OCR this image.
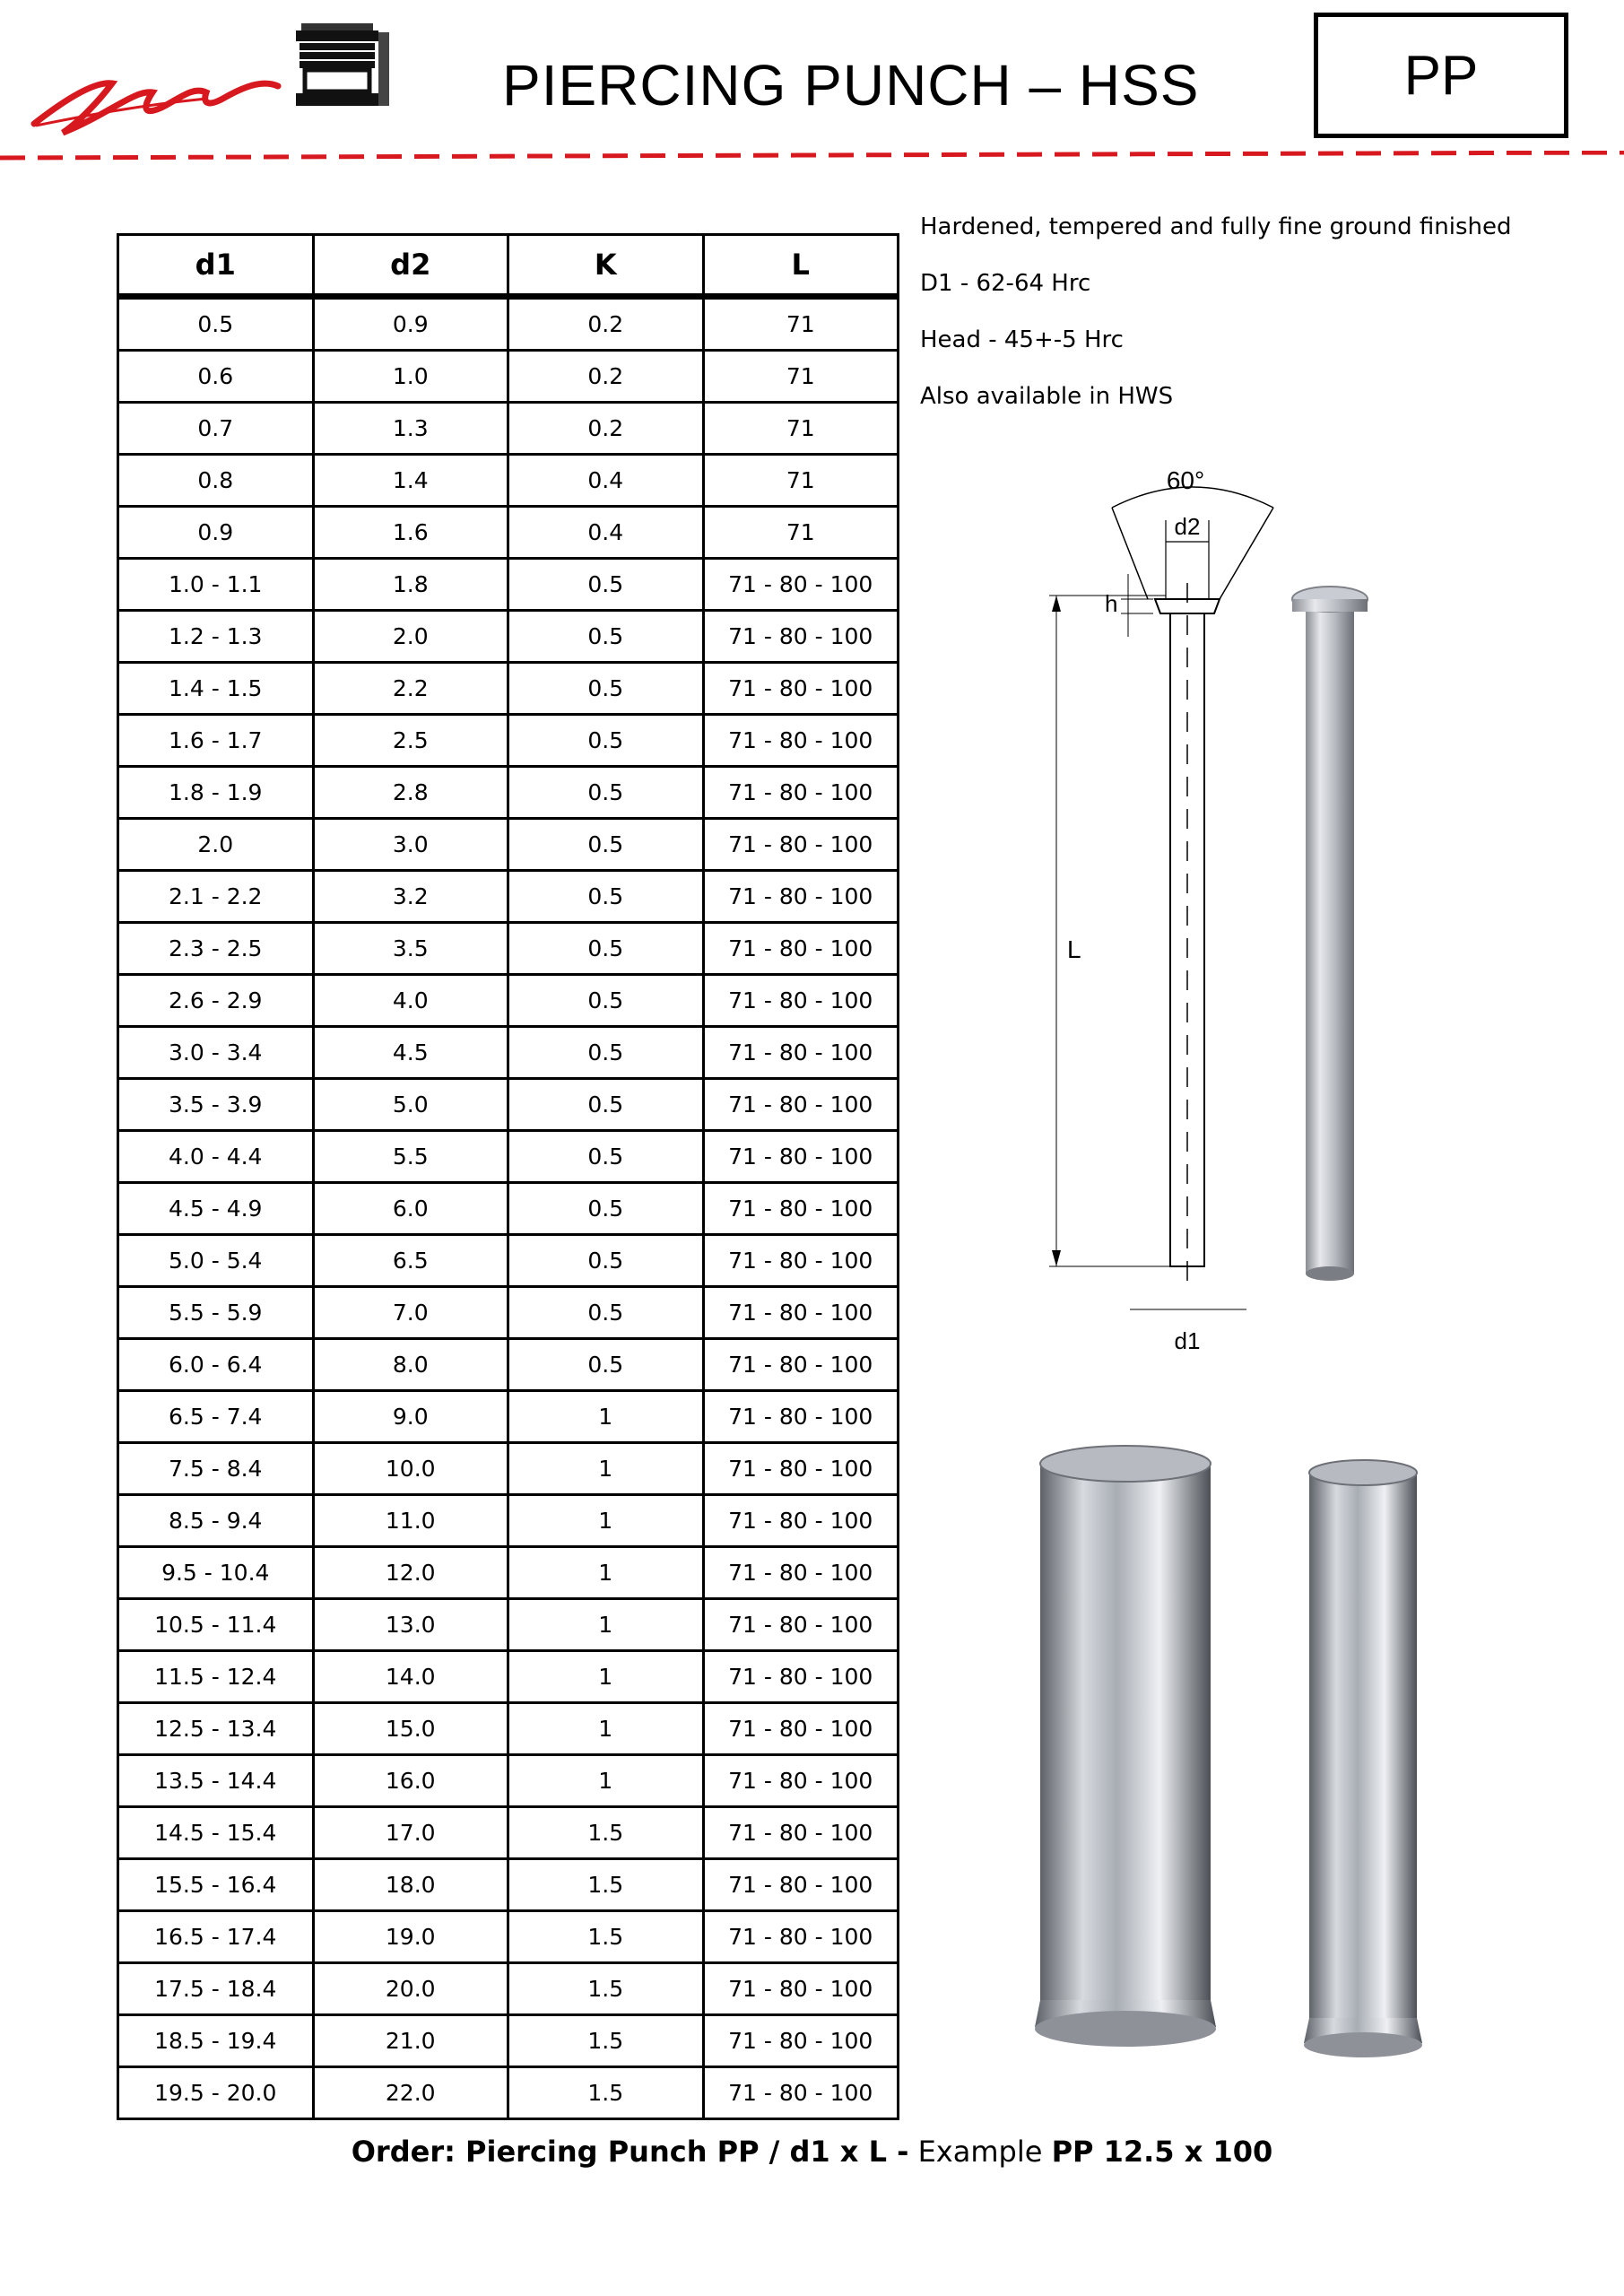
PIERCING PUNCH – HSS	PP
Hardened, tempered and fully fine ground finished
D1 - 62-64 Hrc
Head - 45+-5 Hrc
Also available in HWS
d1	d2	K	L
0.5	0.9	0.2	71
0.6	1.0	0.2	71
0.7	1.3	0.2	71
0.8	1.4	0.4	71
0.9	1.6	0.4	71
1.0 - 1.1	1.8	0.5	71 - 80 - 100
1.2 - 1.3	2.0	0.5	71 - 80 - 100
1.4 - 1.5	2.2	0.5	71 - 80 - 100
1.6 - 1.7	2.5	0.5	71 - 80 - 100
1.8 - 1.9	2.8	0.5	71 - 80 - 100
2.0	3.0	0.5	71 - 80 - 100
2.1 - 2.2	3.2	0.5	71 - 80 - 100
2.3 - 2.5	3.5	0.5	71 - 80 - 100
2.6 - 2.9	4.0	0.5	71 - 80 - 100
3.0 - 3.4	4.5	0.5	71 - 80 - 100
3.5 - 3.9	5.0	0.5	71 - 80 - 100
4.0 - 4.4	5.5	0.5	71 - 80 - 100
4.5 - 4.9	6.0	0.5	71 - 80 - 100
5.0 - 5.4	6.5	0.5	71 - 80 - 100
5.5 - 5.9	7.0	0.5	71 - 80 - 100
6.0 - 6.4	8.0	0.5	71 - 80 - 100
6.5 - 7.4	9.0	1	71 - 80 - 100
7.5 - 8.4	10.0	1	71 - 80 - 100
8.5 - 9.4	11.0	1	71 - 80 - 100
9.5 - 10.4	12.0	1	71 - 80 - 100
10.5 - 11.4	13.0	1	71 - 80 - 100
11.5 - 12.4	14.0	1	71 - 80 - 100
12.5 - 13.4	15.0	1	71 - 80 - 100
13.5 - 14.4	16.0	1	71 - 80 - 100
14.5 - 15.4	17.0	1.5	71 - 80 - 100
15.5 - 16.4	18.0	1.5	71 - 80 - 100
16.5 - 17.4	19.0	1.5	71 - 80 - 100
17.5 - 18.4	20.0	1.5	71 - 80 - 100
18.5 - 19.4	21.0	1.5	71 - 80 - 100
19.5 - 20.0	22.0	1.5	71 - 80 - 100
60°
d2
h
L
d1
Order: Piercing Punch PP / d1 x L - Example PP 12.5 x 100
